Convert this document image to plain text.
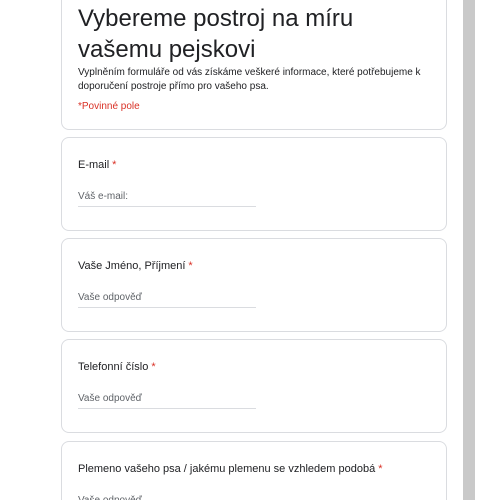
Vybereme postroj na míru vašemu pejskovi

Vyplněním formuláře od vás získáme veškeré informace, které potřebujeme k doporučení postroje přímo pro vašeho psa.

*Povinné pole
E-mail *
Váš e-mail:
Vaše Jméno, Příjmení *
Vaše odpověď
Telefonní číslo *
Vaše odpověď
Plemeno vašeho psa / jakému plemenu se vzhledem podobá *
Vaše odpověď
